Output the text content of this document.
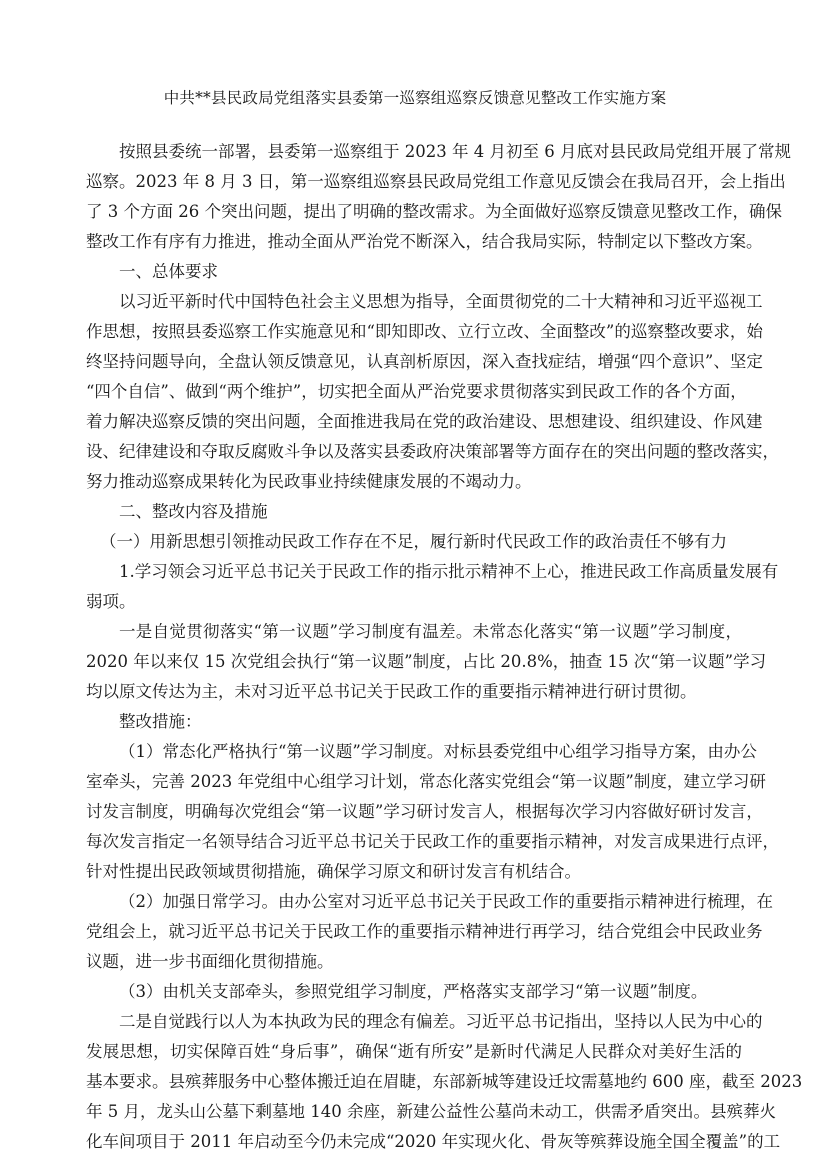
中共**县民政局党组落实县委第一巡察组巡察反馈意见整改工作实施方案
按照县委统一部署，县委第一巡察组于 2023 年 4 月初至 6 月底对县民政局党组开展了常规
巡察。2023 年 8 月 3 日，第一巡察组巡察县民政局党组工作意见反馈会在我局召开，会上指出
了 3 个方面 26 个突出问题，提出了明确的整改需求。为全面做好巡察反馈意见整改工作，确保
整改工作有序有力推进，推动全面从严治党不断深入，结合我局实际，特制定以下整改方案。
一、总体要求
以习近平新时代中国特色社会主义思想为指导，全面贯彻党的二十大精神和习近平巡视工
作思想，按照县委巡察工作实施意见和“即知即改、立行立改、全面整改”的巡察整改要求，始
终坚持问题导向，全盘认领反馈意见，认真剖析原因，深入查找症结，增强“四个意识”、坚定
“四个自信”、做到“两个维护”，切实把全面从严治党要求贯彻落实到民政工作的各个方面，
着力解决巡察反馈的突出问题，全面推进我局在党的政治建设、思想建设、组织建设、作风建
设、纪律建设和夺取反腐败斗争以及落实县委政府决策部署等方面存在的突出问题的整改落实，
努力推动巡察成果转化为民政事业持续健康发展的不竭动力。
二、整改内容及措施
（一）用新思想引领推动民政工作存在不足，履行新时代民政工作的政治责任不够有力
1.学习领会习近平总书记关于民政工作的指示批示精神不上心，推进民政工作高质量发展有
弱项。
一是自觉贯彻落实“第一议题”学习制度有温差。未常态化落实“第一议题”学习制度，
2020 年以来仅 15 次党组会执行“第一议题”制度，占比 20.8%，抽查 15 次“第一议题”学习
均以原文传达为主，未对习近平总书记关于民政工作的重要指示精神进行研讨贯彻。
整改措施：
（1）常态化严格执行“第一议题”学习制度。对标县委党组中心组学习指导方案，由办公
室牵头，完善 2023 年党组中心组学习计划，常态化落实党组会“第一议题”制度，建立学习研
讨发言制度，明确每次党组会“第一议题”学习研讨发言人，根据每次学习内容做好研讨发言，
每次发言指定一名领导结合习近平总书记关于民政工作的重要指示精神，对发言成果进行点评，
针对性提出民政领域贯彻措施，确保学习原文和研讨发言有机结合。
（2）加强日常学习。由办公室对习近平总书记关于民政工作的重要指示精神进行梳理，在
党组会上，就习近平总书记关于民政工作的重要指示精神进行再学习，结合党组会中民政业务
议题，进一步书面细化贯彻措施。
（3）由机关支部牵头，参照党组学习制度，严格落实支部学习“第一议题”制度。
二是自觉践行以人为本执政为民的理念有偏差。习近平总书记指出，坚持以人民为中心的
发展思想，切实保障百姓“身后事”，确保“逝有所安”是新时代满足人民群众对美好生活的
基本要求。县殡葬服务中心整体搬迁迫在眉睫，东部新城等建设迁坟需墓地约 600 座，截至 2023
年 5 月，龙头山公墓下剩墓地 140 余座，新建公益性公墓尚未动工，供需矛盾突出。县殡葬火
化车间项目于 2011 年启动至今仍未完成“2020 年实现火化、骨灰等殡葬设施全国全覆盖”的工
